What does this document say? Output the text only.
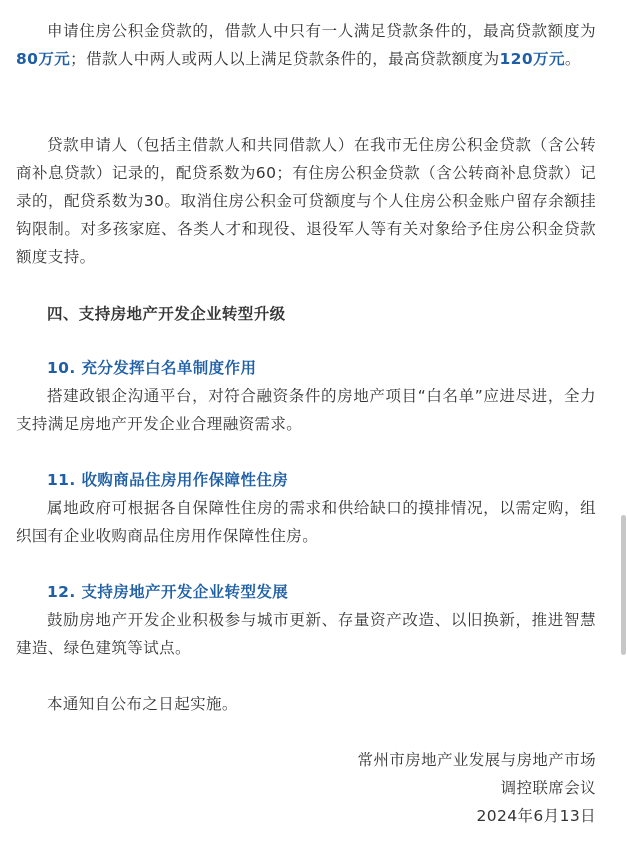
申请住房公积金贷款的，借款人中只有一人满足贷款条件的，最高贷款额度为80万元；借款人中两人或两人以上满足贷款条件的，最高贷款额度为120万元。

贷款申请人（包括主借款人和共同借款人）在我市无住房公积金贷款（含公转商补息贷款）记录的，配贷系数为60；有住房公积金贷款（含公转商补息贷款）记录的，配贷系数为30。取消住房公积金可贷额度与个人住房公积金账户留存余额挂钩限制。对多孩家庭、各类人才和现役、退役军人等有关对象给予住房公积金贷款额度支持。

四、支持房地产开发企业转型升级

10. 充分发挥白名单制度作用

搭建政银企沟通平台，对符合融资条件的房地产项目“白名单”应进尽进，全力支持满足房地产开发企业合理融资需求。

11. 收购商品住房用作保障性住房

属地政府可根据各自保障性住房的需求和供给缺口的摸排情况，以需定购，组织国有企业收购商品住房用作保障性住房。

12. 支持房地产开发企业转型发展

鼓励房地产开发企业积极参与城市更新、存量资产改造、以旧换新，推进智慧建造、绿色建筑等试点。

本通知自公布之日起实施。

常州市房地产业发展与房地产市场

调控联席会议

2024年6月13日
